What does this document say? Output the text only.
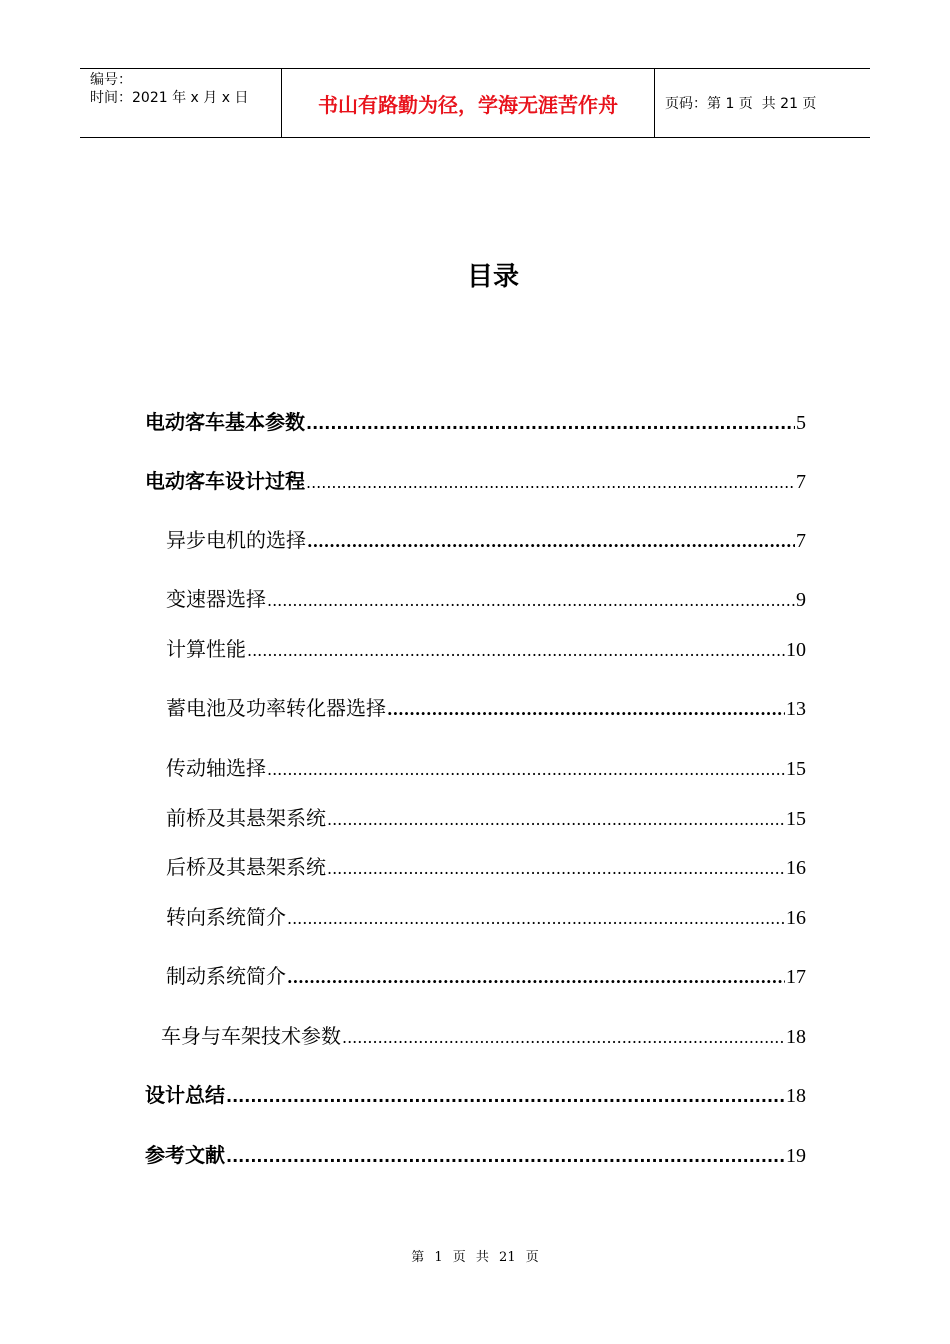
编号：
时间：2021 年 x 月 x 日	书山有路勤为径，学海无涯苦作舟	页码：第 1 页  共 21 页
目录
电动客车基本参数 .....	5
电动客车设计过程 .....	7
异步电机的选择 .....	7
变速器选择 .....	9
计算性能 .....	10
蓄电池及功率转化器选择 .....	13
传动轴选择 .....	15
前桥及其悬架系统 .....	15
后桥及其悬架系统 .....	16
转向系统简介 .....	16
制动系统简介 .....	17
车身与车架技术参数 .....	18
设计总结 .....	18
参考文献 .....	19
第 1 页 共 21 页
